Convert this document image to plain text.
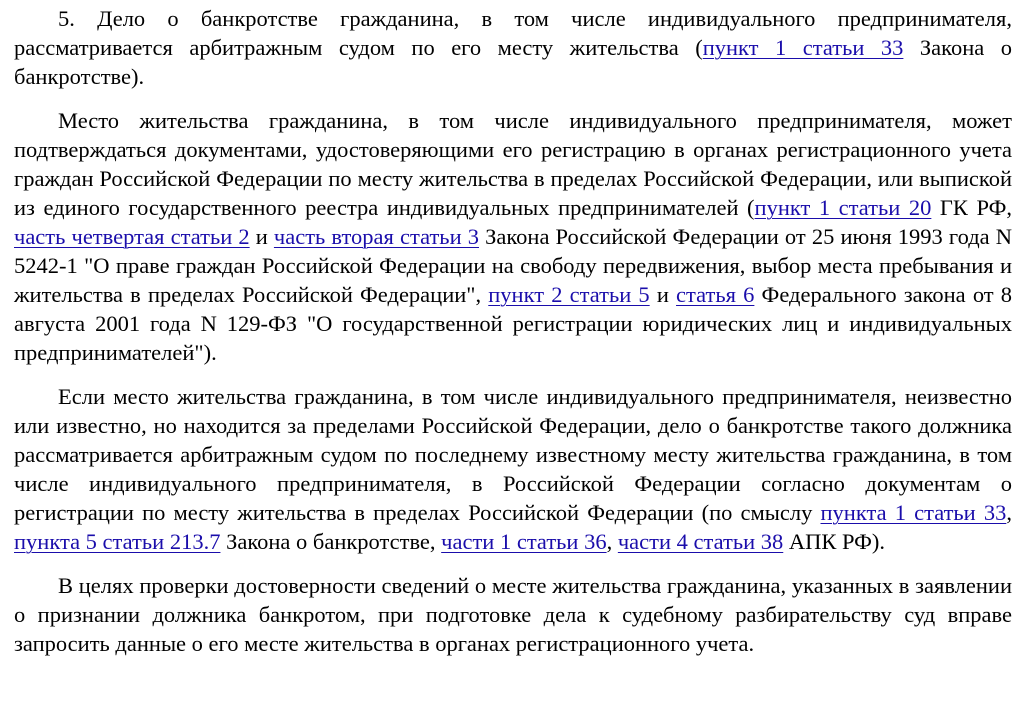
5. Дело о банкротстве гражданина, в том числе индивидуального предпринимателя, рассматривается арбитражным судом по его месту жительства (пункт 1 статьи 33 Закона о банкротстве).

Место жительства гражданина, в том числе индивидуального предпринимателя, может подтверждаться документами, удостоверяющими его регистрацию в органах регистрационного учета граждан Российской Федерации по месту жительства в пределах Российской Федерации, или выпиской из единого государственного реестра индивидуальных предпринимателей (пункт 1 статьи 20 ГК РФ, часть четвертая статьи 2 и часть вторая статьи 3 Закона Российской Федерации от 25 июня 1993 года N 5242-1 "О праве граждан Российской Федерации на свободу передвижения, выбор места пребывания и жительства в пределах Российской Федерации", пункт 2 статьи 5 и статья 6 Федерального закона от 8 августа 2001 года N 129-ФЗ "О государственной регистрации юридических лиц и индивидуальных предпринимателей").

Если место жительства гражданина, в том числе индивидуального предпринимателя, неизвестно или известно, но находится за пределами Российской Федерации, дело о банкротстве такого должника рассматривается арбитражным судом по последнему известному месту жительства гражданина, в том числе индивидуального предпринимателя, в Российской Федерации согласно документам о регистрации по месту жительства в пределах Российской Федерации (по смыслу пункта 1 статьи 33, пункта 5 статьи 213.7 Закона о банкротстве, части 1 статьи 36, части 4 статьи 38 АПК РФ).

В целях проверки достоверности сведений о месте жительства гражданина, указанных в заявлении о признании должника банкротом, при подготовке дела к судебному разбирательству суд вправе запросить данные о его месте жительства в органах регистрационного учета.
